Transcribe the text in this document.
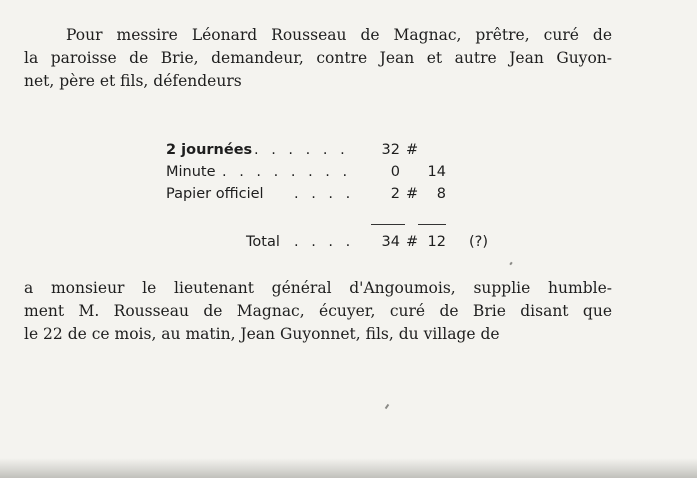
Pour messire Léonard Rousseau de Magnac, prêtre, curé de
la paroisse de Brie, demandeur, contre Jean et autre Jean Guyon-
net, père et fils, défendeurs
2 journées . . . . . .	32 #
Minute . . . . . . . .	0	14
Papier officiel . . . .	2 #	8
Total . . . .	34 # 12 (?)
a monsieur le lieutenant général d'Angoumois, supplie humble-
ment M. Rousseau de Magnac, écuyer, curé de Brie disant que
le 22 de ce mois, au matin, Jean Guyonnet, fils, du village de
